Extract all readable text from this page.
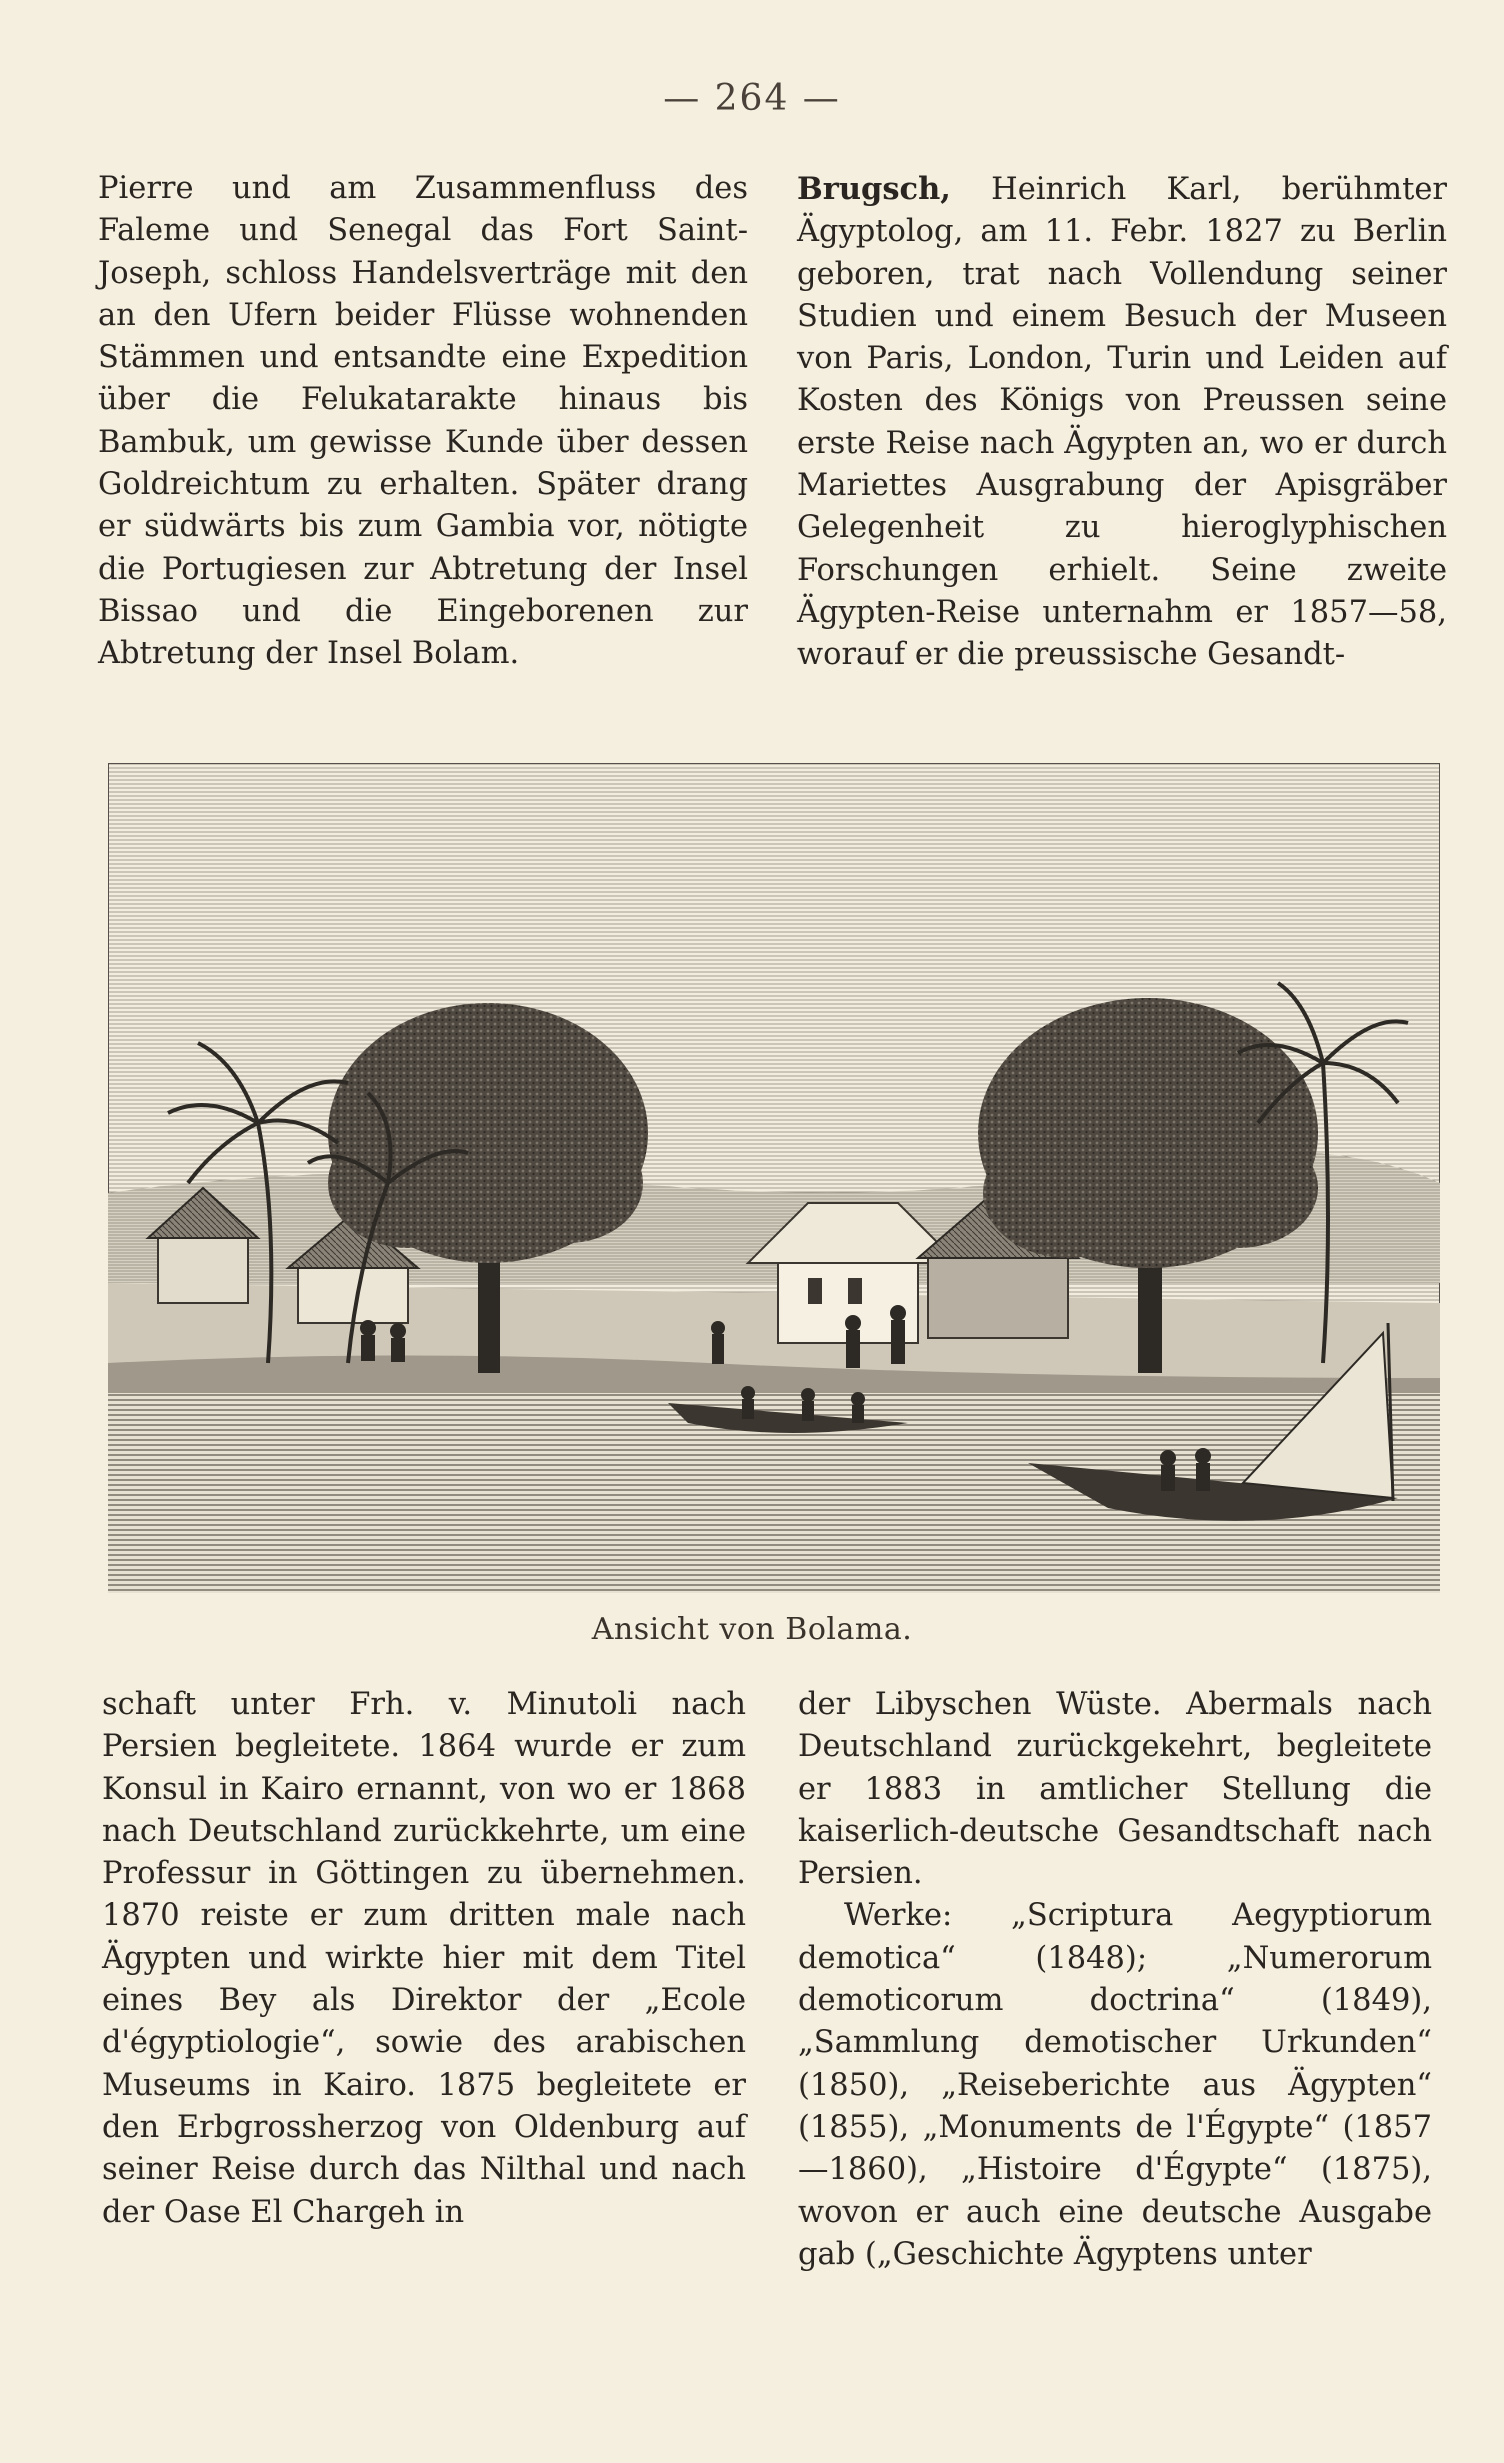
— 264 —

Pierre und am Zusammenfluss des Faleme und Senegal das Fort Saint-Joseph, schloss Handelsverträge mit den an den Ufern beider Flüsse wohnenden Stämmen und entsandte eine Expedition über die Felukatarakte hinaus bis Bambuk, um gewisse Kunde über dessen Goldreichtum zu erhalten. Später drang er südwärts bis zum Gambia vor, nötigte die Portugiesen zur Abtretung der Insel Bissao und die Eingeborenen zur Abtretung der Insel Bolam.

Brugsch, Heinrich Karl, berühmter Ägyptolog, am 11. Febr. 1827 zu Berlin geboren, trat nach Vollendung seiner Studien und einem Besuch der Museen von Paris, London, Turin und Leiden auf Kosten des Königs von Preussen seine erste Reise nach Ägypten an, wo er durch Mariettes Ausgrabung der Apisgräber Gelegenheit zu hieroglyphischen Forschungen erhielt. Seine zweite Ägypten-Reise unternahm er 1857—58, worauf er die preussische Gesandt-

Ansicht von Bolama.

schaft unter Frh. v. Minutoli nach Persien begleitete. 1864 wurde er zum Konsul in Kairo ernannt, von wo er 1868 nach Deutschland zurückkehrte, um eine Professur in Göttingen zu übernehmen. 1870 reiste er zum dritten male nach Ägypten und wirkte hier mit dem Titel eines Bey als Direktor der „Ecole d'égyptiologie“, sowie des arabischen Museums in Kairo. 1875 begleitete er den Erbgrossherzog von Oldenburg auf seiner Reise durch das Nilthal und nach der Oase El Chargeh in

der Libyschen Wüste. Abermals nach Deutschland zurückgekehrt, begleitete er 1883 in amtlicher Stellung die kaiserlich-deutsche Gesandtschaft nach Persien.

Werke: „Scriptura Aegyptiorum demotica“ (1848); „Numerorum demoticorum doctrina“ (1849), „Sammlung demotischer Urkunden“ (1850), „Reiseberichte aus Ägypten“ (1855), „Monuments de l'Égypte“ (1857—1860), „Histoire d'Égypte“ (1875), wovon er auch eine deutsche Ausgabe gab („Geschichte Ägyptens unter
